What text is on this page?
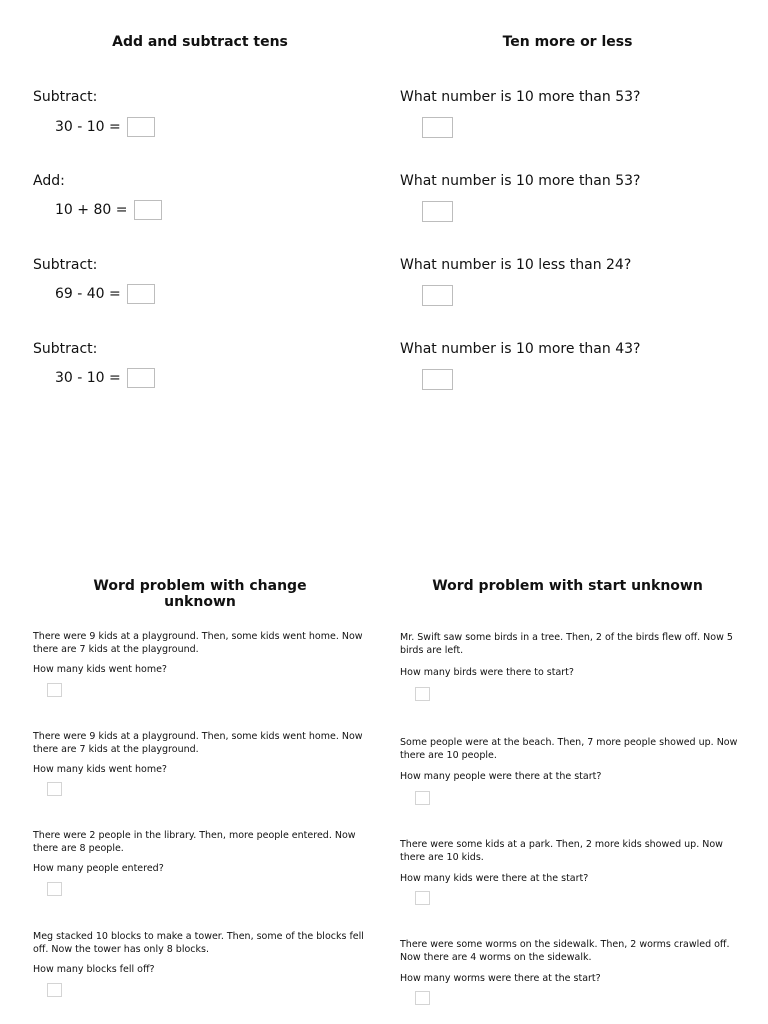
Add and subtract tens	Ten more or less
Subtract:
30 - 10 =
Add:
10 + 80 =
Subtract:
69 - 40 =
Subtract:
30 - 10 =
What number is 10 more than 53?
What number is 10 more than 53?
What number is 10 less than 24?
What number is 10 more than 43?
Word problem with change unknown
Word problem with start unknown
There were 9 kids at a playground. Then, some kids went home. Now there are 7 kids at the playground.
How many kids went home?
There were 9 kids at a playground. Then, some kids went home. Now there are 7 kids at the playground.
How many kids went home?
There were 2 people in the library. Then, more people entered. Now there are 8 people.
How many people entered?
Meg stacked 10 blocks to make a tower. Then, some of the blocks fell off. Now the tower has only 8 blocks.
How many blocks fell off?
Mr. Swift saw some birds in a tree. Then, 2 of the birds flew off. Now 5 birds are left.
How many birds were there to start?
Some people were at the beach. Then, 7 more people showed up. Now there are 10 people.
How many people were there at the start?
There were some kids at a park. Then, 2 more kids showed up. Now there are 10 kids.
How many kids were there at the start?
There were some worms on the sidewalk. Then, 2 worms crawled off. Now there are 4 worms on the sidewalk.
How many worms were there at the start?
